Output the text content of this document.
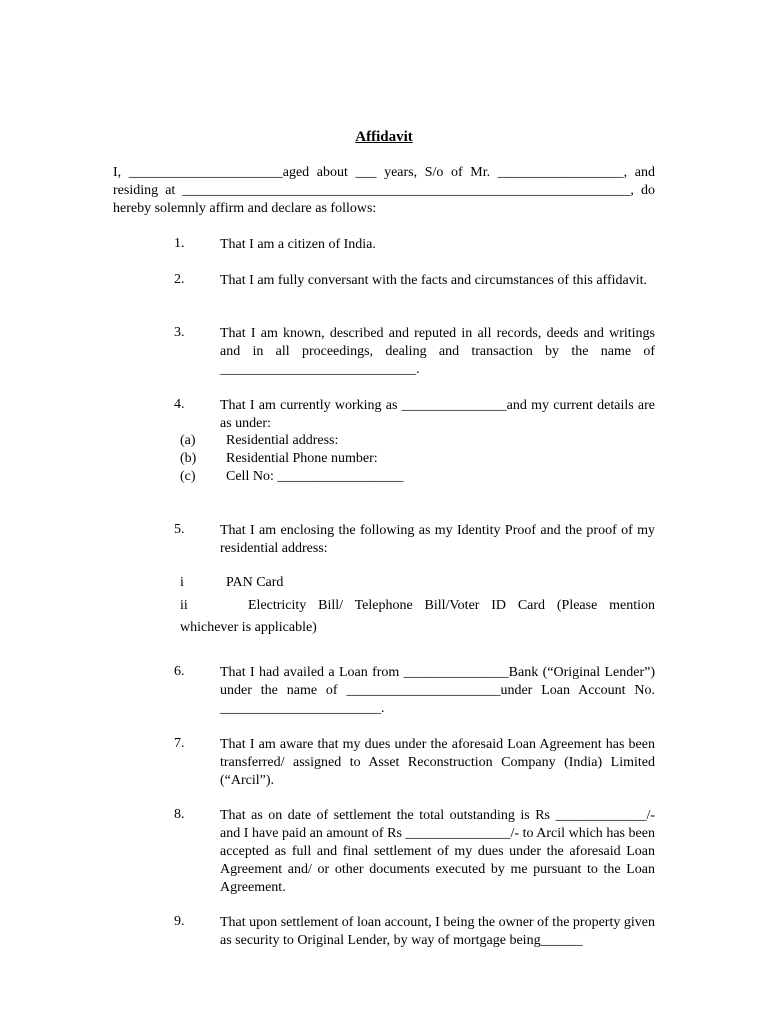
Affidavit
I, ______________________aged about ___ years, S/o of Mr. __________________, and
residing at ________________________________________________________________, do
hereby solemnly affirm and declare as follows:
1.	That I am a citizen of India.
2.	That I am fully conversant with the facts and circumstances of this affidavit.
3.	That I am known, described and reputed in all records, deeds and writings and in all proceedings, dealing and transaction by the name of ____________________________.
4.	That I am currently working as _______________and my current details are as under:
(a) Residential address:
(b) Residential Phone number:
(c) Cell No: __________________
5.	That I am enclosing the following as my Identity Proof and the proof of my residential address:
i	PAN Card
ii	Electricity Bill/ Telephone Bill/Voter ID Card (Please mention whichever is applicable)
6.	That I had availed a Loan from _______________Bank (“Original Lender”) under the name of ______________________under Loan Account No. _______________________.
7.	That I am aware that my dues under the aforesaid Loan Agreement has been transferred/ assigned to Asset Reconstruction Company (India) Limited (“Arcil”).
8.	That as on date of settlement the total outstanding is Rs _____________/- and I have paid an amount of Rs _______________/- to Arcil which has been accepted as full and final settlement of my dues under the aforesaid Loan Agreement and/ or other documents executed by me pursuant to the Loan Agreement.
9.	That upon settlement of loan account, I being the owner of the property given as security to Original Lender, by way of mortgage being______
